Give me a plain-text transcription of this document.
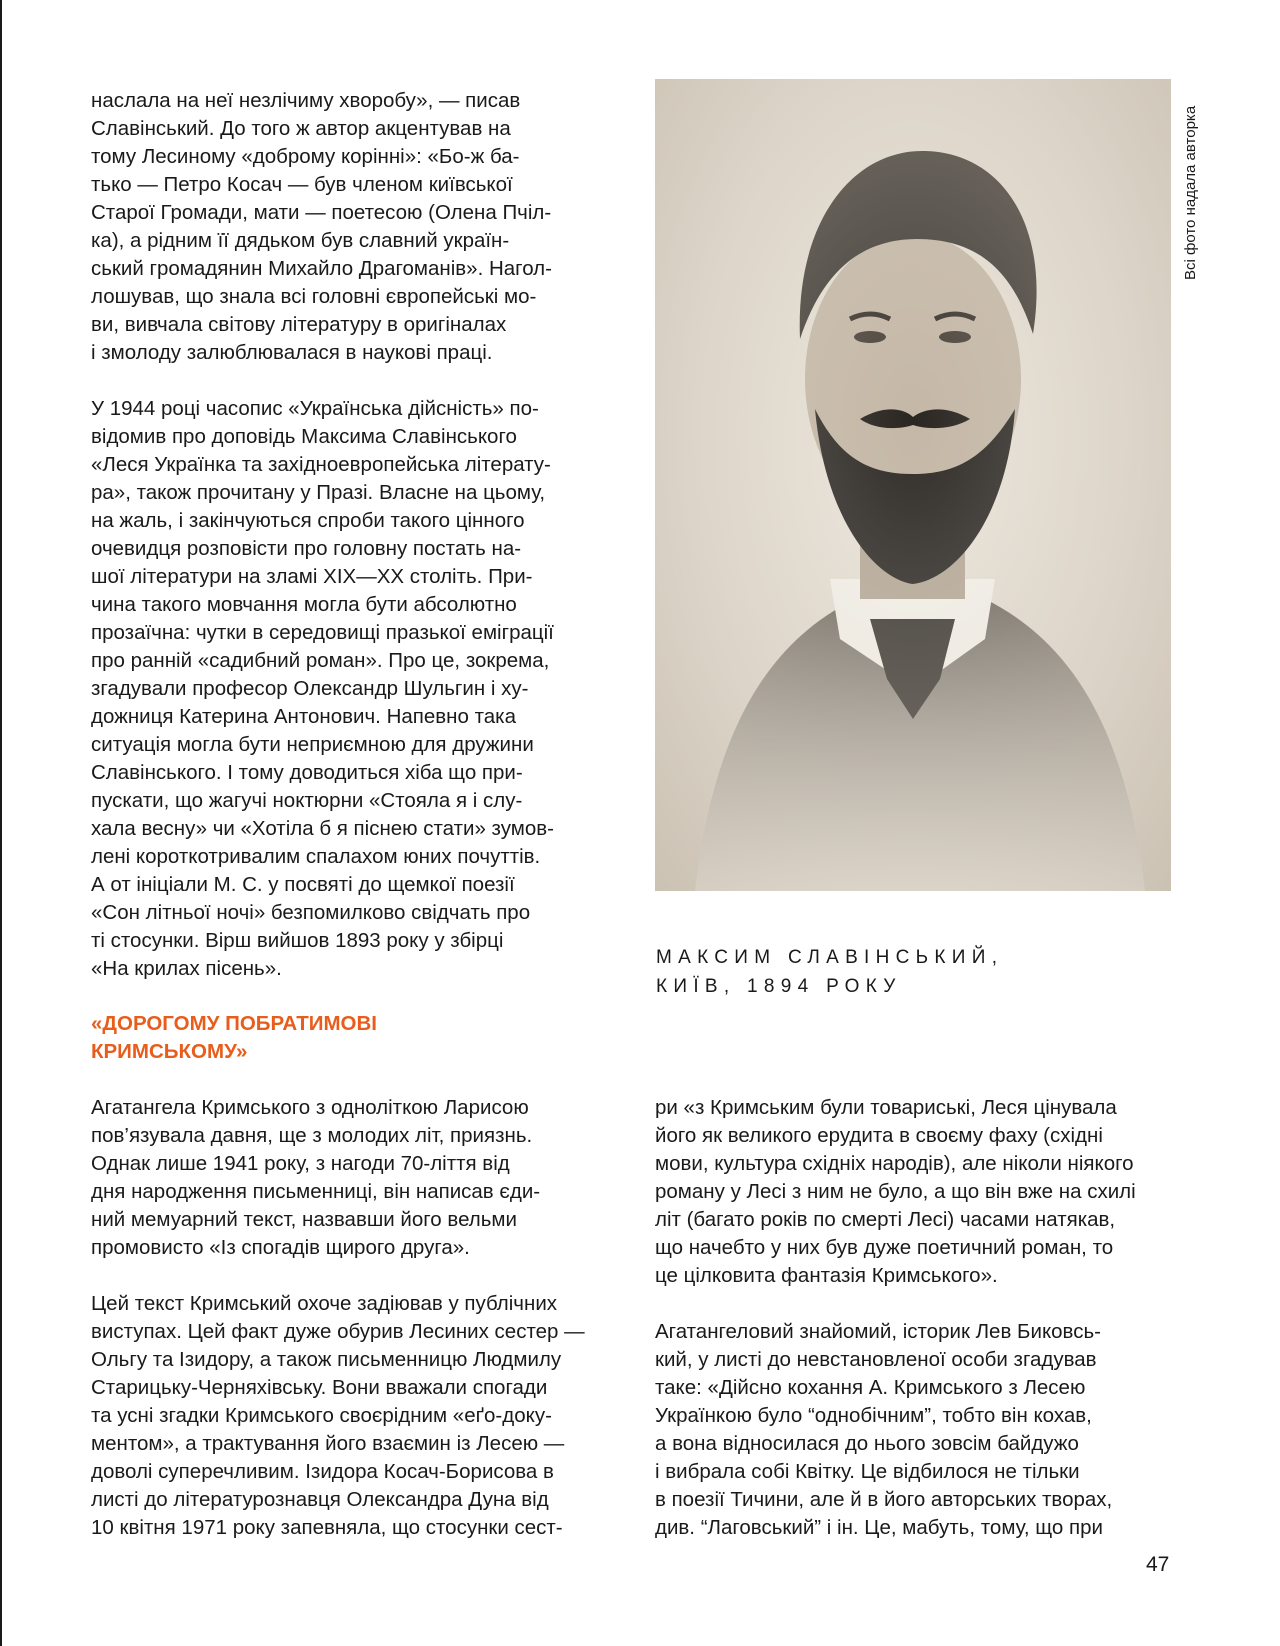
наслала на неї незлічиму хворобу», — писав
Славінський. До того ж автор акцентував на
тому Лесиному «доброму корінні»: «Бо-ж ба-
тько — Петро Косач — був членом київської
Старої Громади, мати — поетесою (Олена Пчіл-
ка), а рідним її дядьком був славний україн-
ський громадянин Михайло Драгоманів». Нагол-
лошував, що знала всі головні європейські мо-
ви, вивчала світову літературу в оригіналах
і змолоду залюблювалася в наукові праці.

У 1944 році часопис «Українська дійсність» по-
відомив про доповідь Максима Славінського
«Леся Українка та західноевропейська літерату-
ра», також прочитану у Празі. Власне на цьому,
на жаль, і закінчуються спроби такого цінного
очевидця розповісти про головну постать на-
шої літератури на зламі XIX—XX століть. При-
чина такого мовчання могла бути абсолютно
прозаїчна: чутки в середовищі празької еміграції
про ранній «садибний роман». Про це, зокрема,
згадували професор Олександр Шульгин і ху-
дожниця Катерина Антонович. Напевно така
ситуація могла бути неприємною для дружини
Славінського. І тому доводиться хіба що при-
пускати, що жагучі ноктюрни «Стояла я і слу-
хала весну» чи «Хотіла б я піснею стати» зумов-
лені короткотривалим спалахом юних почуттів.
А от ініціали М. С. у посвяті до щемкої поезії
«Сон літньої ночі» безпомилково свідчать про
ті стосунки. Вірш вийшов 1893 року у збірці
«На крилах пісень».

«ДОРОГОМУ ПОБРАТИМОВІ
КРИМСЬКОМУ»

Агатангела Кримського з одноліткою Ларисою
пов’язувала давня, ще з молодих літ, приязнь.
Однак лише 1941 року, з нагоди 70-ліття від
дня народження письменниці, він написав єди-
ний мемуарний текст, назвавши його вельми
промовисто «Із спогадів щирого друга».

Цей текст Кримський охоче задіював у публічних
виступах. Цей факт дуже обурив Лесиних сестер —
Ольгу та Ізидору, а також письменницю Людмилу
Старицьку-Черняхівську. Вони вважали спогади
та усні згадки Кримського своєрідним «еґо-доку-
ментом», а трактування його взаємин із Лесею —
доволі суперечливим. Ізидора Косач-Борисова в
листі до літературознавця Олександра Дуна від
10 квітня 1971 року запевняла, що стосунки сест-

Всі фото надала авторка
МАКСИМ СЛАВІНСЬКИЙ,
КИЇВ, 1894 РОКУ

ри «з Кримським були товариські, Леся цінувала
його як великого ерудита в своєму фаху (східні
мови, культура східніх народів), але ніколи ніякого
роману у Лесі з ним не було, а що він вже на схилі
літ (багато років по смерті Лесі) часами натякав,
що начебто у них був дуже поетичний роман, то
це цілковита фантазія Кримського».

Агатангеловий знайомий, історик Лев Биковсь-
кий, у листі до невстановленої особи згадував
таке: «Дійсно кохання А. Кримського з Лесею
Українкою було “однобічним”, тобто він кохав,
а вона відносилася до нього зовсім байдужо
і вибрала собі Квітку. Це відбилося не тільки
в поезії Тичини, але й в його авторських творах,
див. “Лаговський” і ін. Це, мабуть, тому, що при

47
